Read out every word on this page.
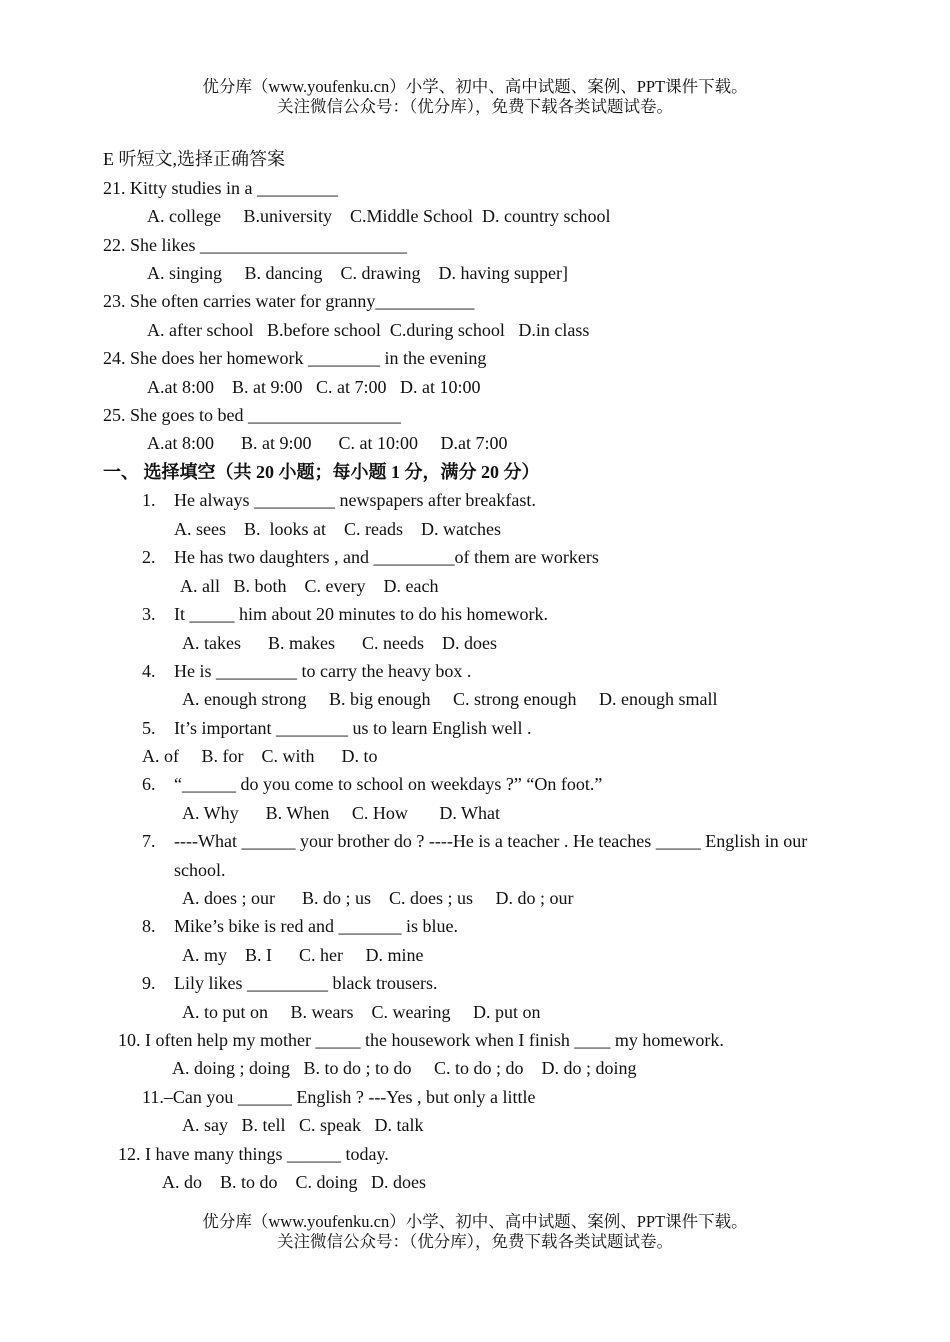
优分库（www.youfenku.cn）小学、初中、高中试题、案例、PPT课件下载。
关注微信公众号：（优分库），免费下载各类试题试卷。
E 听短文,选择正确答案
21. Kitty studies in a _________
A. college     B.university    C.Middle School  D. country school
22. She likes _______________________
A. singing     B. dancing    C. drawing    D. having supper]
23. She often carries water for granny___________
A. after school   B.before school  C.during school   D.in class
24. She does her homework ________ in the evening
A.at 8:00    B. at 9:00   C. at 7:00   D. at 10:00
25. She goes to bed _________________
A.at 8:00      B. at 9:00      C. at 10:00     D.at 7:00
一、 选择填空（共 20 小题；每小题 1 分，满分 20 分）
1. He always _________ newspapers after breakfast.
A. sees    B.  looks at    C. reads    D. watches
2. He has two daughters , and _________of them are workers
A. all   B. both    C. every    D. each
3. It _____ him about 20 minutes to do his homework.
A. takes      B. makes      C. needs    D. does
4. He is _________ to carry the heavy box .
A. enough strong     B. big enough     C. strong enough     D. enough small
5. It’s important ________ us to learn English well .
A. of     B. for    C. with      D. to
6. “______ do you come to school on weekdays ?” “On foot.”
A. Why      B. When     C. How       D. What
7. ----What ______ your brother do ? ----He is a teacher . He teaches _____ English in our
school.
A. does ; our      B. do ; us    C. does ; us     D. do ; our
8. Mike’s bike is red and _______ is blue.
A. my    B. I      C. her     D. mine
9. Lily likes _________ black trousers.
A. to put on     B. wears    C. wearing     D. put on
10. I often help my mother _____ the housework when I finish ____ my homework.
A. doing ; doing   B. to do ; to do     C. to do ; do    D. do ; doing
11.–Can you ______ English ? ---Yes , but only a little
A. say   B. tell   C. speak   D. talk
12. I have many things ______ today.
A. do    B. to do    C. doing   D. does
优分库（www.youfenku.cn）小学、初中、高中试题、案例、PPT课件下载。
关注微信公众号：（优分库），免费下载各类试题试卷。
